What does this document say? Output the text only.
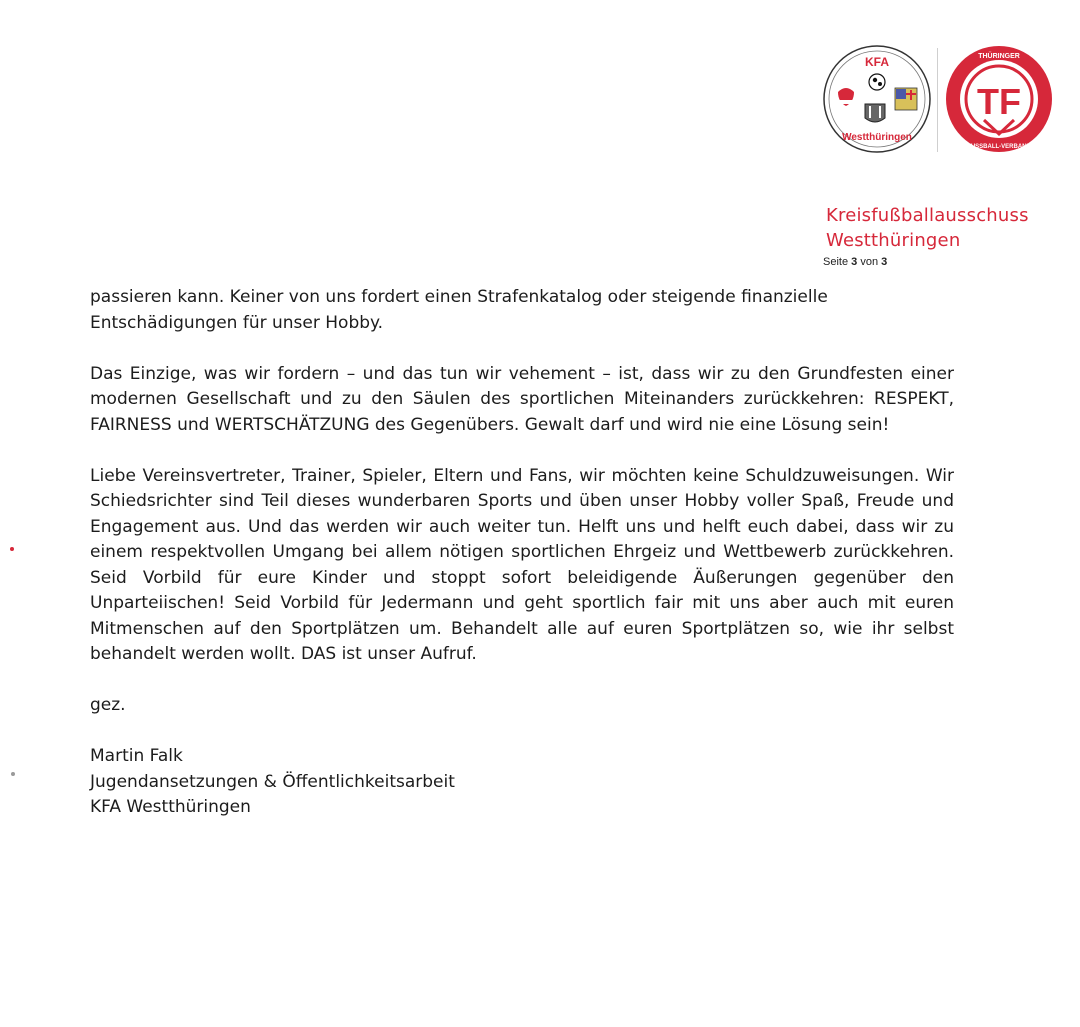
KFA
Westthüringen
TF
THÜRINGER
FUSSBALL-VERBAND
Kreisfußballausschuss
Westthüringen
Seite 3 von 3

passieren kann. Keiner von uns fordert einen Strafenkatalog oder steigende finanzielle Entschädigungen für unser Hobby.

Das Einzige, was wir fordern – und das tun wir vehement – ist, dass wir zu den Grundfesten einer modernen Gesellschaft und zu den Säulen des sportlichen Miteinanders zurückkehren: RESPEKT, FAIRNESS und WERTSCHÄTZUNG des Gegenübers. Gewalt darf und wird nie eine Lösung sein!

Liebe Vereinsvertreter, Trainer, Spieler, Eltern und Fans, wir möchten keine Schuldzuweisungen. Wir Schiedsrichter sind Teil dieses wunderbaren Sports und üben unser Hobby voller Spaß, Freude und Engagement aus. Und das werden wir auch weiter tun. Helft uns und helft euch dabei, dass wir zu einem respektvollen Umgang bei allem nötigen sportlichen Ehrgeiz und Wettbewerb zurückkehren. Seid Vorbild für eure Kinder und stoppt sofort beleidigende Äußerungen gegenüber den Unparteiischen! Seid Vorbild für Jedermann und geht sportlich fair mit uns aber auch mit euren Mitmenschen auf den Sportplätzen um. Behandelt alle auf euren Sportplätzen so, wie ihr selbst behandelt werden wollt. DAS ist unser Aufruf.

gez.

Martin Falk

Jugendansetzungen & Öffentlichkeitsarbeit

KFA Westthüringen
